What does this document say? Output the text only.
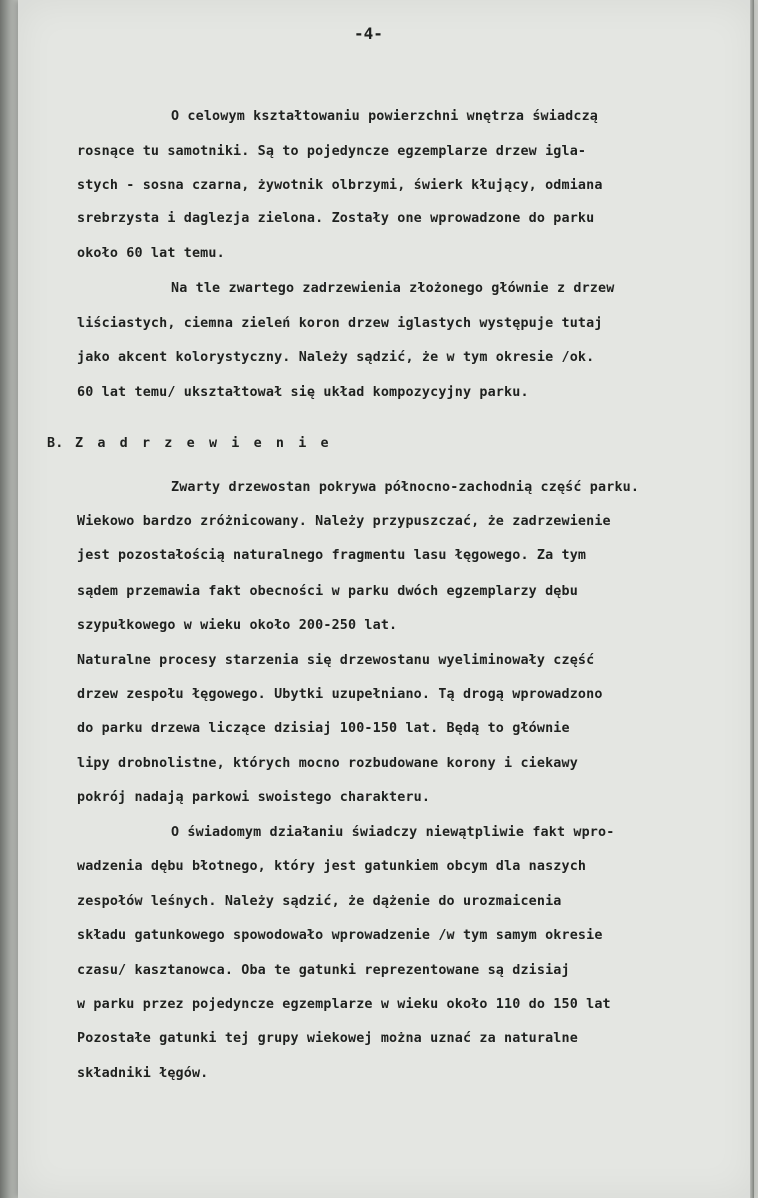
-4-
O celowym kształtowaniu powierzchni wnętrza świadczą
rosnące tu samotniki. Są to pojedyncze egzemplarze drzew igla-
stych - sosna czarna, żywotnik olbrzymi, świerk kłujący, odmiana
srebrzysta i daglezja zielona. Zostały one wprowadzone do parku
około 60 lat temu.
Na tle zwartego zadrzewienia złożonego głównie z drzew
liściastych, ciemna zieleń koron drzew iglastych występuje tutaj
jako akcent kolorystyczny. Należy sądzić, że w tym okresie /ok.
60 lat temu/ ukształtował się układ kompozycyjny parku.
B. Z a d r z e w i e n i e
Zwarty drzewostan pokrywa północno-zachodnią część parku.
Wiekowo bardzo zróżnicowany. Należy przypuszczać, że zadrzewienie
jest pozostałością naturalnego fragmentu lasu łęgowego. Za tym
sądem przemawia fakt obecności w parku dwóch egzemplarzy dębu
szypułkowego w wieku około 200-250 lat.
Naturalne procesy starzenia się drzewostanu wyeliminowały część
drzew zespołu łęgowego. Ubytki uzupełniano. Tą drogą wprowadzono
do parku drzewa liczące dzisiaj 100-150 lat. Będą to głównie
lipy drobnolistne, których mocno rozbudowane korony i ciekawy
pokrój nadają parkowi swoistego charakteru.
O świadomym działaniu świadczy niewątpliwie fakt wpro-
wadzenia dębu błotnego, który jest gatunkiem obcym dla naszych
zespołów leśnych. Należy sądzić, że dążenie do urozmaicenia
składu gatunkowego spowodowało wprowadzenie /w tym samym okresie
czasu/ kasztanowca. Oba te gatunki reprezentowane są dzisiaj
w parku przez pojedyncze egzemplarze w wieku około 110 do 150 lat
Pozostałe gatunki tej grupy wiekowej można uznać za naturalne
składniki łęgów.
